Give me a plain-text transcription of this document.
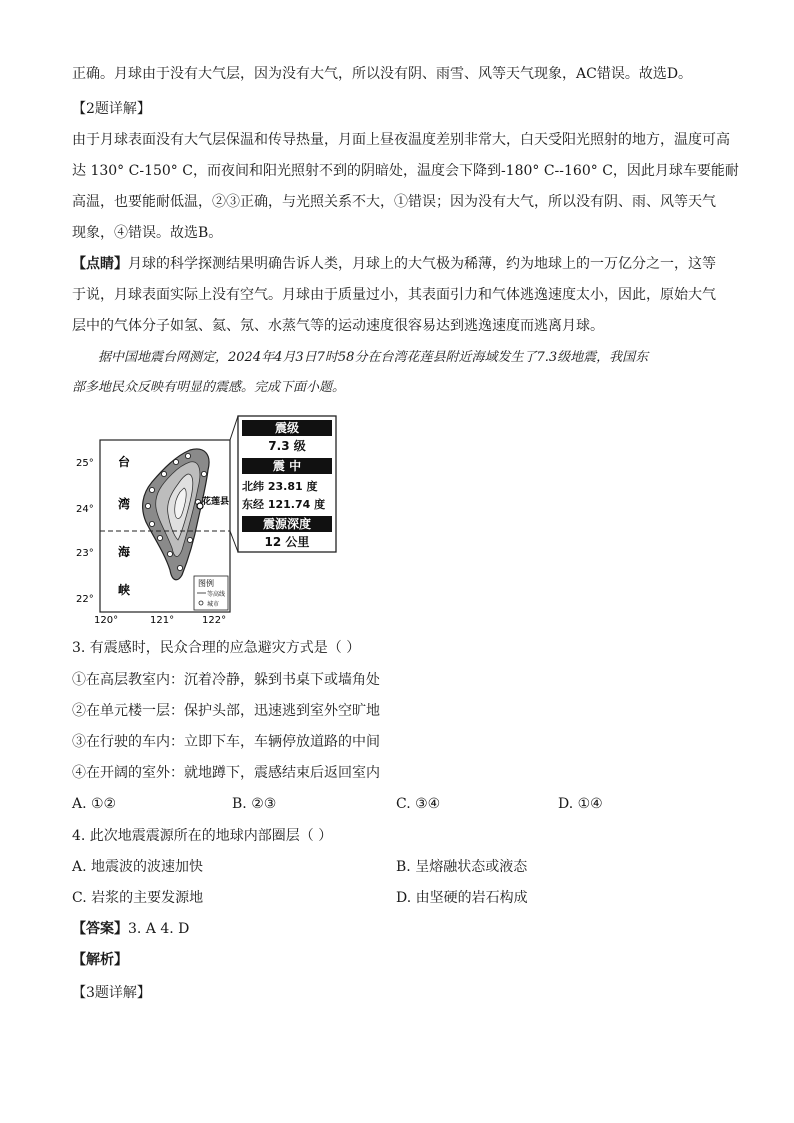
正确。月球由于没有大气层，因为没有大气，所以没有阴、雨雪、风等天气现象，AC错误。故选D。
【2题详解】
由于月球表面没有大气层保温和传导热量，月面上昼夜温度差别非常大，白天受阳光照射的地方，温度可高
达 130° C-150° C，而夜间和阳光照射不到的阴暗处，温度会下降到-180° C--160° C，因此月球车要能耐
高温，也要能耐低温，②③正确，与光照关系不大，①错误；因为没有大气，所以没有阴、雨、风等天气
现象，④错误。故选B。
【点睛】月球的科学探测结果明确告诉人类，月球上的大气极为稀薄，约为地球上的一万亿分之一，这等
于说，月球表面实际上没有空气。月球由于质量过小，其表面引力和气体逃逸速度太小，因此，原始大气
层中的气体分子如氢、氦、氖、水蒸气等的运动速度很容易达到逃逸速度而逃离月球。
据中国地震台网测定，2024年4月3日7时58分在台湾花莲县附近海域发生了7.3级地震，我国东
部多地民众反映有明显的震感。完成下面小题。
震级
7.3 级
震 中
北纬 23.81 度
东经 121.74 度
震源深度
12 公里
25°
24°
23°
22°
120°	121°	122°
台
湾
海
峡
花莲县
图例
等高线
城市
3. 有震感时，民众合理的应急避灾方式是（ ）
①在高层教室内：沉着冷静，躲到书桌下或墙角处
②在单元楼一层：保护头部，迅速逃到室外空旷地
③在行驶的车内：立即下车，车辆停放道路的中间
④在开阔的室外：就地蹲下，震感结束后返回室内
A. ①②	B. ②③	C. ③④	D. ①④
4. 此次地震震源所在的地球内部圈层（ ）
A. 地震波的波速加快	B. 呈熔融状态或液态
C. 岩浆的主要发源地	D. 由坚硬的岩石构成
【答案】3. A 4. D
【解析】
【3题详解】
